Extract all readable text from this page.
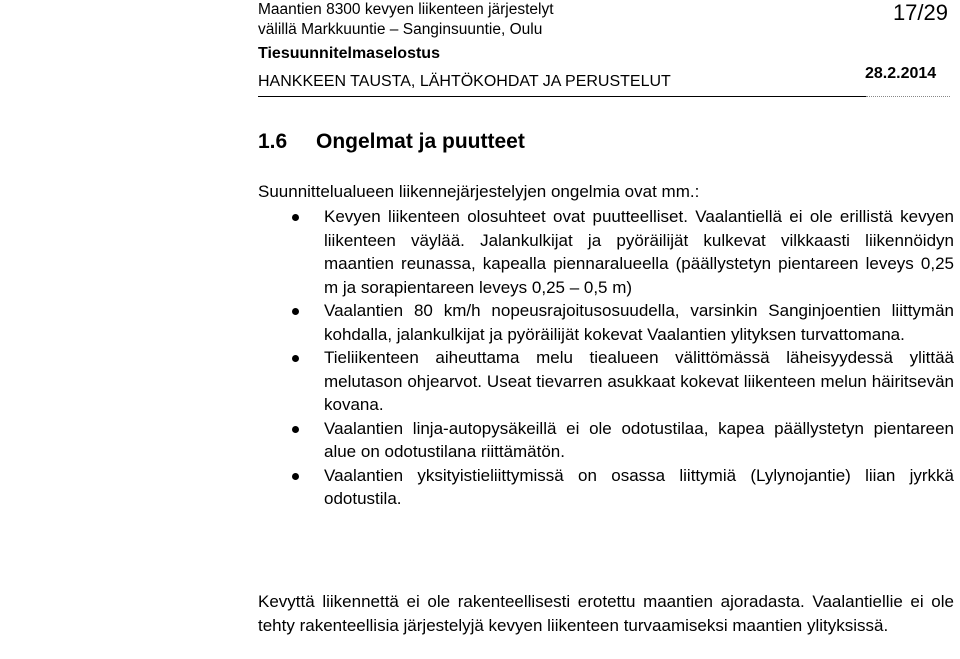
Maantien 8300 kevyen liikenteen järjestelyt
välillä Markkuuntie – Sanginsuuntie, Oulu
Tiesuunnitelmaselostus
HANKKEEN TAUSTA, LÄHTÖKOHDAT JA PERUSTELUT
17/29
28.2.2014
1.6 Ongelmat ja puutteet
Suunnittelualueen liikennejärjestelyjen ongelmia ovat mm.:
Kevyen liikenteen olosuhteet ovat puutteelliset. Vaalantiellä ei ole erillistä kevyen liikenteen väylää. Jalankulkijat ja pyöräilijät kulkevat vilkkaasti liikennöidyn maantien reunassa, kapealla piennaralueella (päällystetyn pientareen leveys 0,25 m ja sorapientareen leveys 0,25 – 0,5 m)
Vaalantien 80 km/h nopeusrajoitusosuudella, varsinkin Sanginjoentien liittymän kohdalla, jalankulkijat ja pyöräilijät kokevat Vaalantien ylityksen turvattomana.
Tieliikenteen aiheuttama melu tiealueen välittömässä läheisyydessä ylittää melutason ohjearvot. Useat tievarren asukkaat kokevat liikenteen melun häiritsevän kovana.
Vaalantien linja-autopysäkeillä ei ole odotustilaa, kapea päällystetyn pientareen alue on odotustilana riittämätön.
Vaalantien yksityistieliittymissä on osassa liittymiä (Lylynojantie) liian jyrkkä odotustila.
Kevyttä liikennettä ei ole rakenteellisesti erotettu maantien ajoradasta. Vaalantiellie ei ole tehty rakenteellisia järjestelyjä kevyen liikenteen turvaamiseksi maantien ylityksissä.
